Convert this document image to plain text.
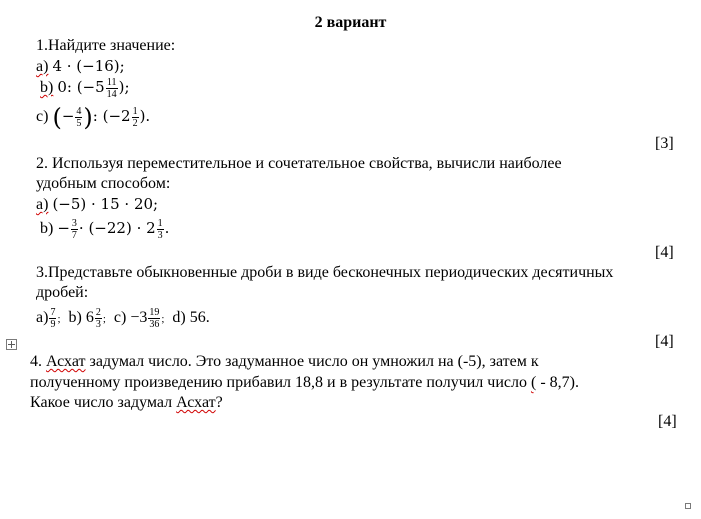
2 вариант
1.Найдите значение:
а) 4 · (−16);
b) 0: ($-5 \frac{11}{14}$ );
c) (− $\frac{4}{5}$ ): ($-2 \frac{1}{2}$ ).
[3]
2. Используя переместительное и сочетательное свойства, вычисли наиболее
удобным способом:
а) (−5) · 15 · 20;
$b) - \frac{3}{7} \cdot (-22) \cdot 2 \frac{1}{3}$ .
[4]
3.Представьте обыкновенные дроби в виде бесконечных периодических десятичных
дробей:
$а) \frac{7}{9}$ ; b) $6 \frac{2}{3}$ ; $c) -3 \frac{19}{36}$ ; d) 56.
[4]
4. Асхат задумал число. Это задуманное число он умножил на (-5), затем к
полученному произведению прибавил 18,8 и в результате получил число ( - 8,7).
Какое число задумал Асхат?
[4]
